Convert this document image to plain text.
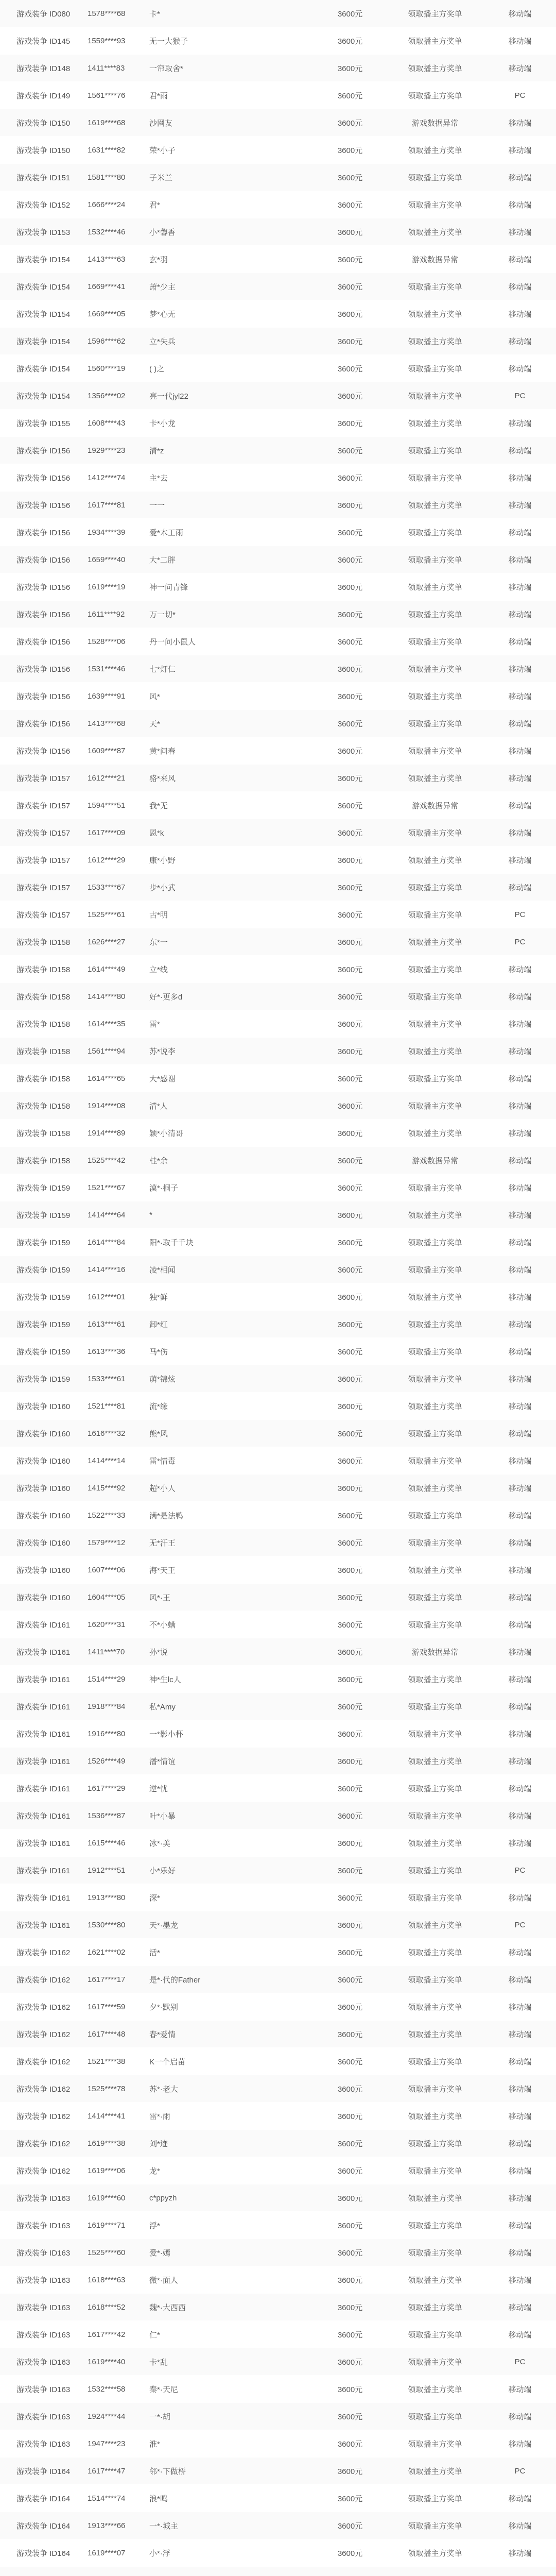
游戏装争 ID080	1578****68	卡*	3600元	领取播主方奖单	移动端
游戏装争 ID145	1559****93	无一大猴子	3600元	领取播主方奖单	移动端
游戏装争 ID148	1411****83	一帘取舍*	3600元	领取播主方奖单	移动端
游戏装争 ID149	1561****76	君*雨	3600元	领取播主方奖单	PC
游戏装争 ID150	1619****68	沙网友	3600元	游戏数据异常	移动端
游戏装争 ID150	1631****82	荣*小子	3600元	领取播主方奖单	移动端
游戏装争 ID151	1581****80	子米兰	3600元	领取播主方奖单	移动端
游戏装争 ID152	1666****24	君*	3600元	领取播主方奖单	移动端
游戏装争 ID153	1532****46	小*馨香	3600元	领取播主方奖单	移动端
游戏装争 ID154	1413****63	玄*羽	3600元	游戏数据异常	移动端
游戏装争 ID154	1669****41	萧*少主	3600元	领取播主方奖单	移动端
游戏装争 ID154	1669****05	梦*心无	3600元	领取播主方奖单	移动端
游戏装争 ID154	1596****62	立*失兵	3600元	领取播主方奖单	移动端
游戏装争 ID154	1560****19	( )之	3600元	领取播主方奖单	移动端
游戏装争 ID154	1356****02	亮一代jyl22	3600元	领取播主方奖单	PC
游戏装争 ID155	1608****43	卡*小龙	3600元	领取播主方奖单	移动端
游戏装争 ID156	1929****23	清*z	3600元	领取播主方奖单	移动端
游戏装争 ID156	1412****74	主*去	3600元	领取播主方奖单	移动端
游戏装争 ID156	1617****81	一一	3600元	领取播主方奖单	移动端
游戏装争 ID156	1934****39	爱*木工雨	3600元	领取播主方奖单	移动端
游戏装争 ID156	1659****40	大*二胖	3600元	领取播主方奖单	移动端
游戏装争 ID156	1619****19	神一问青锋	3600元	领取播主方奖单	移动端
游戏装争 ID156	1611****92	万一切*	3600元	领取播主方奖单	移动端
游戏装争 ID156	1528****06	丹一问小鼠人	3600元	领取播主方奖单	移动端
游戏装争 ID156	1531****46	七*灯仁	3600元	领取播主方奖单	移动端
游戏装争 ID156	1639****91	风*	3600元	领取播主方奖单	移动端
游戏装争 ID156	1413****68	天*	3600元	领取播主方奖单	移动端
游戏装争 ID156	1609****87	黄*问春	3600元	领取播主方奖单	移动端
游戏装争 ID157	1612****21	骆*来风	3600元	领取播主方奖单	移动端
游戏装争 ID157	1594****51	我*无	3600元	游戏数据异常	移动端
游戏装争 ID157	1617****09	恩*k	3600元	领取播主方奖单	移动端
游戏装争 ID157	1612****29	康*小野	3600元	领取播主方奖单	移动端
游戏装争 ID157	1533****67	步*小武	3600元	领取播主方奖单	移动端
游戏装争 ID157	1525****61	古*明	3600元	领取播主方奖单	PC
游戏装争 ID158	1626****27	东*一	3600元	领取播主方奖单	PC
游戏装争 ID158	1614****49	立*线	3600元	领取播主方奖单	移动端
游戏装争 ID158	1414****80	好*·更多d	3600元	领取播主方奖单	移动端
游戏装争 ID158	1614****35	雷*	3600元	领取播主方奖单	移动端
游戏装争 ID158	1561****94	苏*说李	3600元	领取播主方奖单	移动端
游戏装争 ID158	1614****65	大*感谢	3600元	领取播主方奖单	移动端
游戏装争 ID158	1914****08	清*人	3600元	领取播主方奖单	移动端
游戏装争 ID158	1914****89	颖*小清哥	3600元	领取播主方奖单	移动端
游戏装争 ID158	1525****42	桂*余	3600元	游戏数据异常	移动端
游戏装争 ID159	1521****67	漠*·桐子	3600元	领取播主方奖单	移动端
游戏装争 ID159	1414****64	*	3600元	领取播主方奖单	移动端
游戏装争 ID159	1614****84	阳*·取千千块	3600元	领取播主方奖单	移动端
游戏装争 ID159	1414****16	凌*相闻	3600元	领取播主方奖单	移动端
游戏装争 ID159	1612****01	独*鲜	3600元	领取播主方奖单	移动端
游戏装争 ID159	1613****61	卸*红	3600元	领取播主方奖单	移动端
游戏装争 ID159	1613****36	马*伤	3600元	领取播主方奖单	移动端
游戏装争 ID159	1533****61	萌*锦炫	3600元	领取播主方奖单	移动端
游戏装争 ID160	1521****81	流*缘	3600元	领取播主方奖单	移动端
游戏装争 ID160	1616****32	熊*风	3600元	领取播主方奖单	移动端
游戏装争 ID160	1414****14	雷*情毒	3600元	领取播主方奖单	移动端
游戏装争 ID160	1415****92	超*小人	3600元	领取播主方奖单	移动端
游戏装争 ID160	1522****33	满*是法鸭	3600元	领取播主方奖单	移动端
游戏装争 ID160	1579****12	无*汗王	3600元	领取播主方奖单	移动端
游戏装争 ID160	1607****06	海*天王	3600元	领取播主方奖单	移动端
游戏装争 ID160	1604****05	风*·王	3600元	领取播主方奖单	移动端
游戏装争 ID161	1620****31	不*小螨	3600元	领取播主方奖单	移动端
游戏装争 ID161	1411****70	孙*说	3600元	游戏数据异常	移动端
游戏装争 ID161	1514****29	神*生lc人	3600元	领取播主方奖单	移动端
游戏装争 ID161	1918****84	私*Amy	3600元	领取播主方奖单	移动端
游戏装争 ID161	1916****80	一*影小杯	3600元	领取播主方奖单	移动端
游戏装争 ID161	1526****49	潘*情谊	3600元	领取播主方奖单	移动端
游戏装争 ID161	1617****29	逆*忧	3600元	领取播主方奖单	移动端
游戏装争 ID161	1536****87	叶*小暴	3600元	领取播主方奖单	移动端
游戏装争 ID161	1615****46	冰*·美	3600元	领取播主方奖单	移动端
游戏装争 ID161	1912****51	小*乐好	3600元	领取播主方奖单	PC
游戏装争 ID161	1913****80	深*	3600元	领取播主方奖单	移动端
游戏装争 ID161	1530****80	天*·墨龙	3600元	领取播主方奖单	PC
游戏装争 ID162	1621****02	活*	3600元	领取播主方奖单	移动端
游戏装争 ID162	1617****17	是*·代的Father	3600元	领取播主方奖单	移动端
游戏装争 ID162	1617****59	夕*·默别	3600元	领取播主方奖单	移动端
游戏装争 ID162	1617****48	春*爱情	3600元	领取播主方奖单	移动端
游戏装争 ID162	1521****38	K一个启苗	3600元	领取播主方奖单	移动端
游戏装争 ID162	1525****78	苏*·老大	3600元	领取播主方奖单	移动端
游戏装争 ID162	1414****41	雷*·雨	3600元	领取播主方奖单	移动端
游戏装争 ID162	1619****38	刘*迹	3600元	领取播主方奖单	移动端
游戏装争 ID162	1619****06	龙*	3600元	领取播主方奖单	移动端
游戏装争 ID163	1619****60	c*ppyzh	3600元	领取播主方奖单	移动端
游戏装争 ID163	1619****71	浮*	3600元	领取播主方奖单	移动端
游戏装争 ID163	1525****60	爱*·嫣	3600元	领取播主方奖单	移动端
游戏装争 ID163	1618****63	微*·面人	3600元	领取播主方奖单	移动端
游戏装争 ID163	1618****52	魏*·大西西	3600元	领取播主方奖单	移动端
游戏装争 ID163	1617****42	仁*	3600元	领取播主方奖单	移动端
游戏装争 ID163	1619****40	卡*乱	3600元	领取播主方奖单	PC
游戏装争 ID163	1532****58	秦*·天尼	3600元	领取播主方奖单	移动端
游戏装争 ID163	1924****44	一*·胡	3600元	领取播主方奖单	移动端
游戏装争 ID163	1947****23	淮*	3600元	领取播主方奖单	移动端
游戏装争 ID164	1617****47	邻*·下做桥	3600元	领取播主方奖单	PC
游戏装争 ID164	1514****74	浪*鸣	3600元	领取播主方奖单	移动端
游戏装争 ID164	1913****66	一*·城主	3600元	领取播主方奖单	移动端
游戏装争 ID164	1619****07	小*·浮	3600元	领取播主方奖单	移动端
